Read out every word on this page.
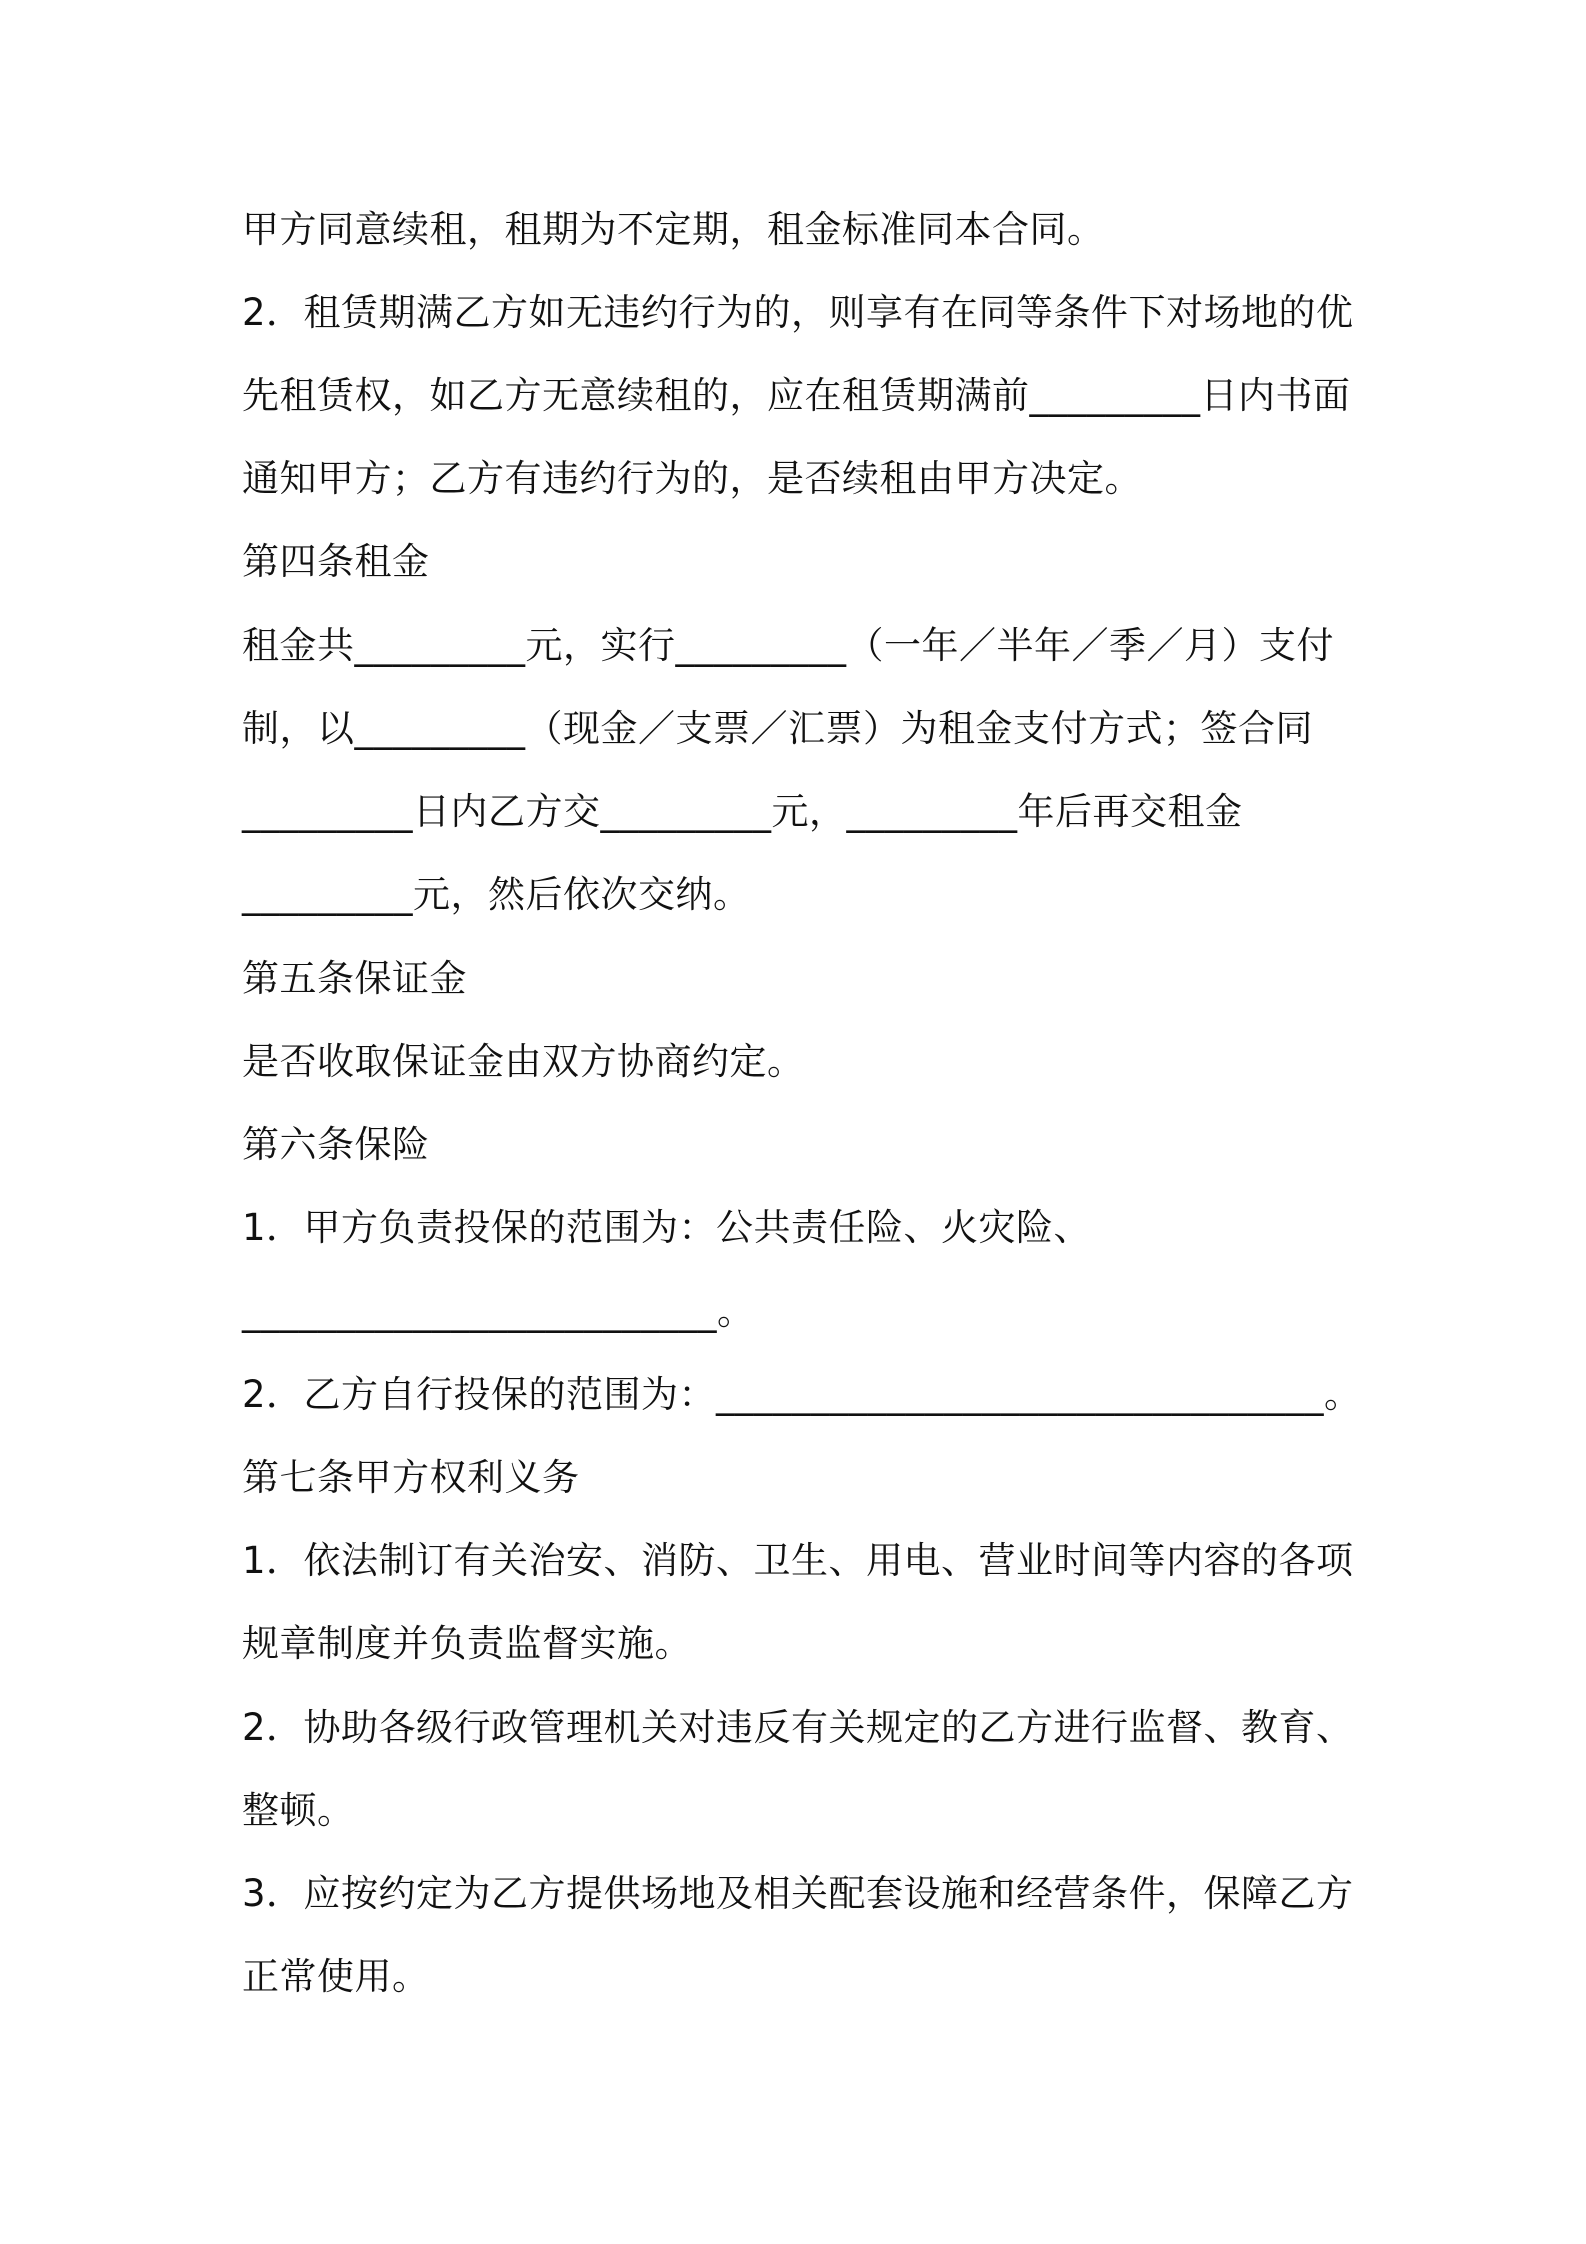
甲方同意续租，租期为不定期，租金标准同本合同。
2．租赁期满乙方如无违约行为的，则享有在同等条件下对场地的优
先租赁权，如乙方无意续租的，应在租赁期满前_________日内书面
通知甲方；乙方有违约行为的，是否续租由甲方决定。
第四条租金
租金共_________元，实行_________（一年／半年／季／月）支付
制，以_________（现金／支票／汇票）为租金支付方式；签合同
_________日内乙方交_________元，_________年后再交租金
_________元，然后依次交纳。
第五条保证金
是否收取保证金由双方协商约定。
第六条保险
1．甲方负责投保的范围为：公共责任险、火灾险、
_________________________。
2．乙方自行投保的范围为：________________________________。
第七条甲方权利义务
1．依法制订有关治安、消防、卫生、用电、营业时间等内容的各项
规章制度并负责监督实施。
2．协助各级行政管理机关对违反有关规定的乙方进行监督、教育、
整顿。
3．应按约定为乙方提供场地及相关配套设施和经营条件，保障乙方
正常使用。
